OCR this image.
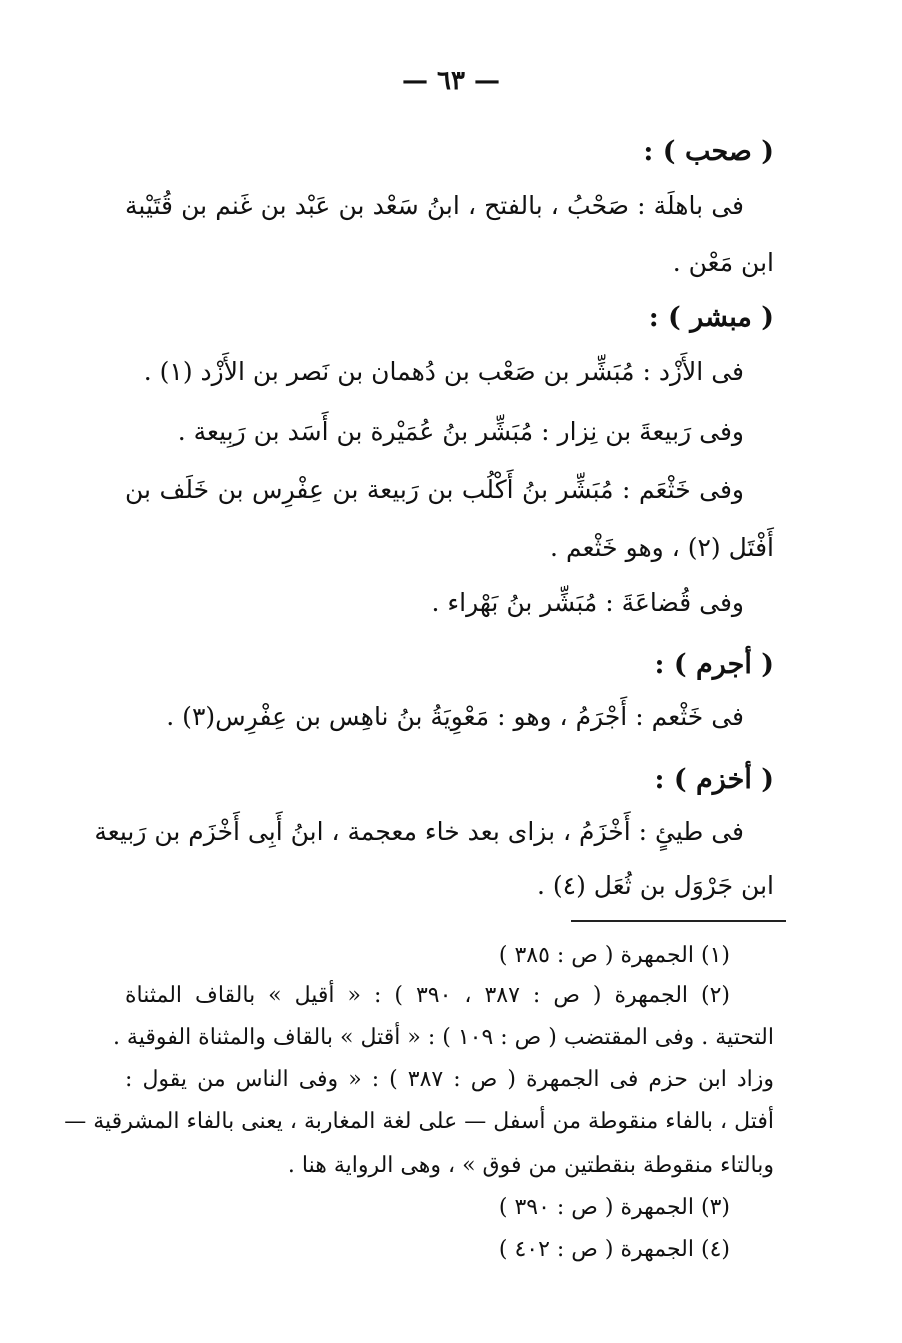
— ٦٣ —
( صحب ) :
فى باهلَة : صَحْبُ ، بالفتح ، ابنُ سَعْد بن عَبْد بن غَنم بن قُتَيْبة
ابن مَعْن .
( مبشر ) :
فى الأَزْد : مُبَشِّر بن صَعْب بن دُهمان بن نَصر بن الأَزْد (١) .
وفى رَبيعةَ بن نِزار : مُبَشِّر بنُ عُمَيْرة بن أَسَد بن رَبِيعة .
وفى خَثْعَم : مُبَشِّر بنُ أَكْلُب بن رَبيعة بن عِفْرِس بن خَلَف بن
أَفْتَل (٢) ، وهو خَثْعم .
وفى قُضاعَةَ : مُبَشِّر بنُ بَهْراء .
( أجرم ) :
فى خَثْعم : أَجْرَمُ ، وهو : مَعْوِيَةُ بنُ ناهِس بن عِفْرِس(٣) .
( أخزم ) :
فى طيئٍ : أَخْزَمُ ، بزاى بعد خاء معجمة ، ابنُ أَبِى أَخْزَم بن رَبيعة
ابن جَرْوَل بن ثُعَل (٤) .
(١) الجمهرة ( ص : ٣٨٥ )
(٢) الجمهرة ( ص : ٣٨٧ ، ٣٩٠ ) : « أقيل » بالقاف المثناة
التحتية . وفى المقتضب ( ص : ١٠٩ ) : « أقتل » بالقاف والمثناة الفوقية .
وزاد ابن حزم فى الجمهرة ( ص : ٣٨٧ ) : « وفى الناس من يقول :
أفتل ، بالفاء منقوطة من أسفل — على لغة المغاربة ، يعنى بالفاء المشرقية —
وبالتاء منقوطة بنقطتين من فوق » ، وهى الرواية هنا .
(٣) الجمهرة ( ص : ٣٩٠ )
(٤) الجمهرة ( ص : ٤٠٢ )
